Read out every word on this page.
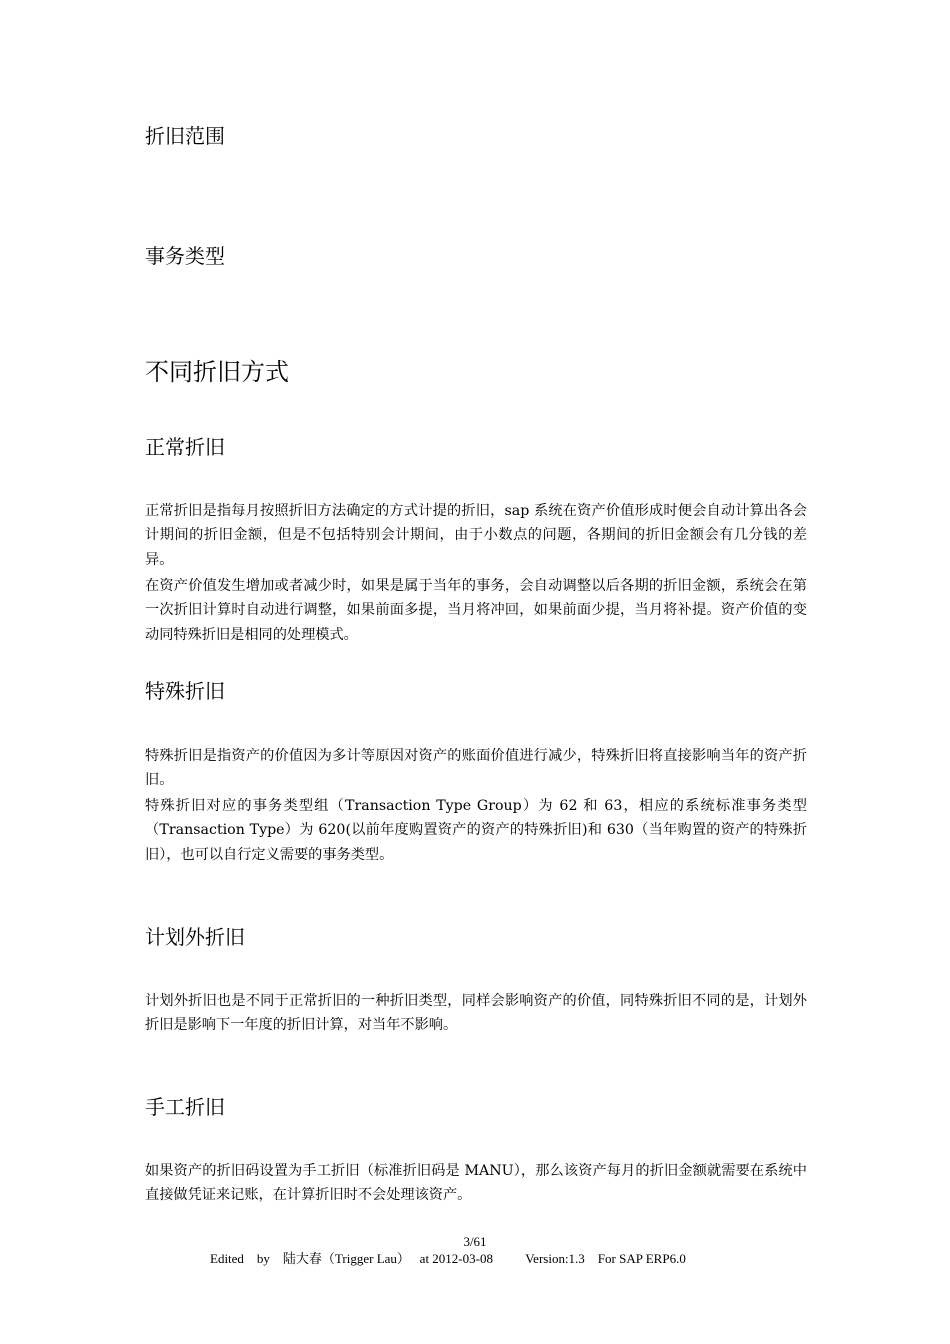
折旧范围
事务类型
不同折旧方式
正常折旧

正常折旧是指每月按照折旧方法确定的方式计提的折旧，sap 系统在资产价值形成时便会自动计算出各会计期间的折旧金额，但是不包括特别会计期间，由于小数点的问题，各期间的折旧金额会有几分钱的差异。

在资产价值发生增加或者减少时，如果是属于当年的事务，会自动调整以后各期的折旧金额，系统会在第一次折旧计算时自动进行调整，如果前面多提，当月将冲回，如果前面少提，当月将补提。资产价值的变动同特殊折旧是相同的处理模式。

特殊折旧

特殊折旧是指资产的价值因为多计等原因对资产的账面价值进行减少，特殊折旧将直接影响当年的资产折旧。

特殊折旧对应的事务类型组（Transaction Type Group）为 62 和 63，相应的系统标准事务类型（Transaction Type）为 620(以前年度购置资产的资产的特殊折旧)和 630（当年购置的资产的特殊折旧），也可以自行定义需要的事务类型。

计划外折旧

计划外折旧也是不同于正常折旧的一种折旧类型，同样会影响资产的价值，同特殊折旧不同的是，计划外折旧是影响下一年度的折旧计算，对当年不影响。

手工折旧

如果资产的折旧码设置为手工折旧（标准折旧码是 MANU），那么该资产每月的折旧金额就需要在系统中直接做凭证来记账，在计算折旧时不会处理该资产。

3/61
Edited    by    陆大春（Trigger Lau）   at 2012-03-08          Version:1.3    For SAP ERP6.0
